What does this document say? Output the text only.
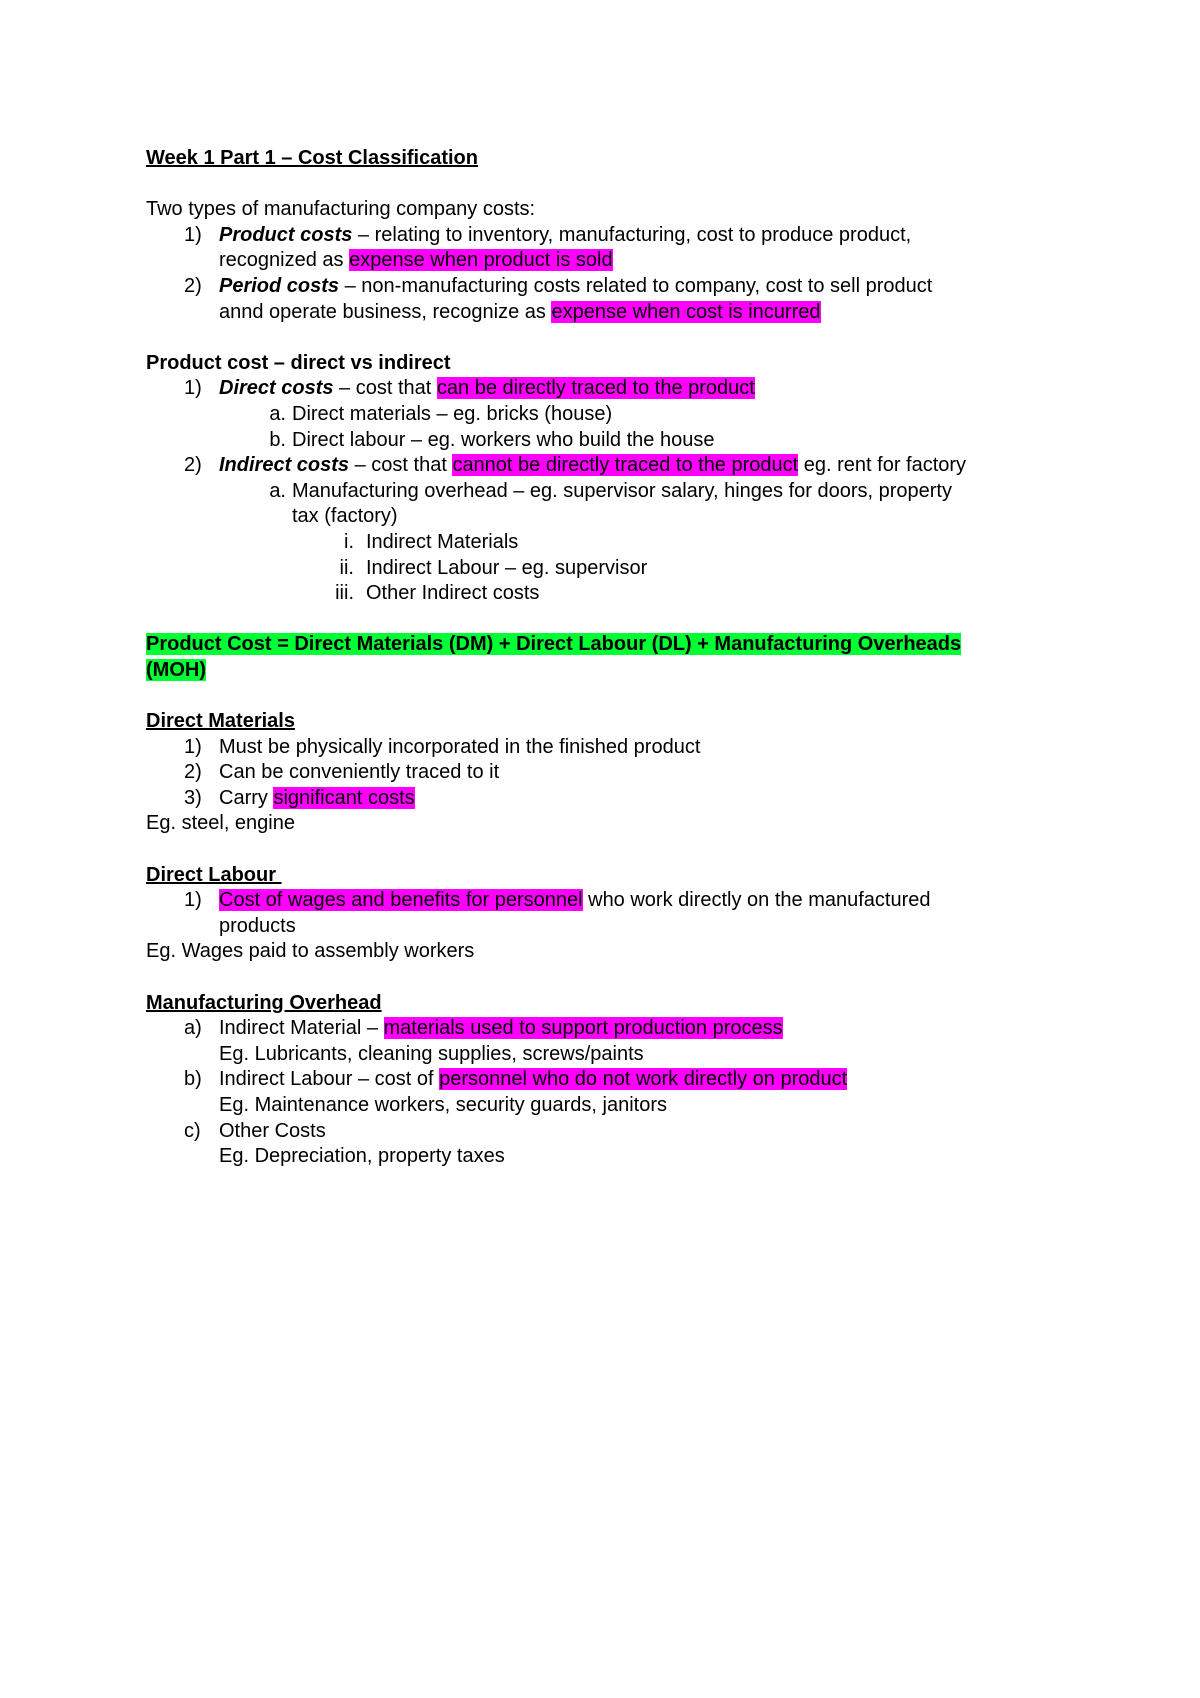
Week 1 Part 1 – Cost Classification
Two types of manufacturing company costs:
1) Product costs – relating to inventory, manufacturing, cost to produce product,
recognized as expense when product is sold
2) Period costs – non-manufacturing costs related to company, cost to sell product
annd operate business, recognize as expense when cost is incurred
Product cost – direct vs indirect
1) Direct costs – cost that can be directly traced to the product
a. Direct materials – eg. bricks (house)
b. Direct labour – eg. workers who build the house
2) Indirect costs – cost that cannot be directly traced to the product eg. rent for factory
a. Manufacturing overhead – eg. supervisor salary, hinges for doors, property
tax (factory)
i. Indirect Materials
ii. Indirect Labour – eg. supervisor
iii. Other Indirect costs
Product Cost = Direct Materials (DM) + Direct Labour (DL) + Manufacturing Overheads
(MOH)
Direct Materials
1) Must be physically incorporated in the finished product
2) Can be conveniently traced to it
3) Carry significant costs
Eg. steel, engine
Direct Labour
1) Cost of wages and benefits for personnel who work directly on the manufactured
products
Eg. Wages paid to assembly workers
Manufacturing Overhead
a) Indirect Material – materials used to support production process
Eg. Lubricants, cleaning supplies, screws/paints
b) Indirect Labour – cost of personnel who do not work directly on product
Eg. Maintenance workers, security guards, janitors
c) Other Costs
Eg. Depreciation, property taxes
